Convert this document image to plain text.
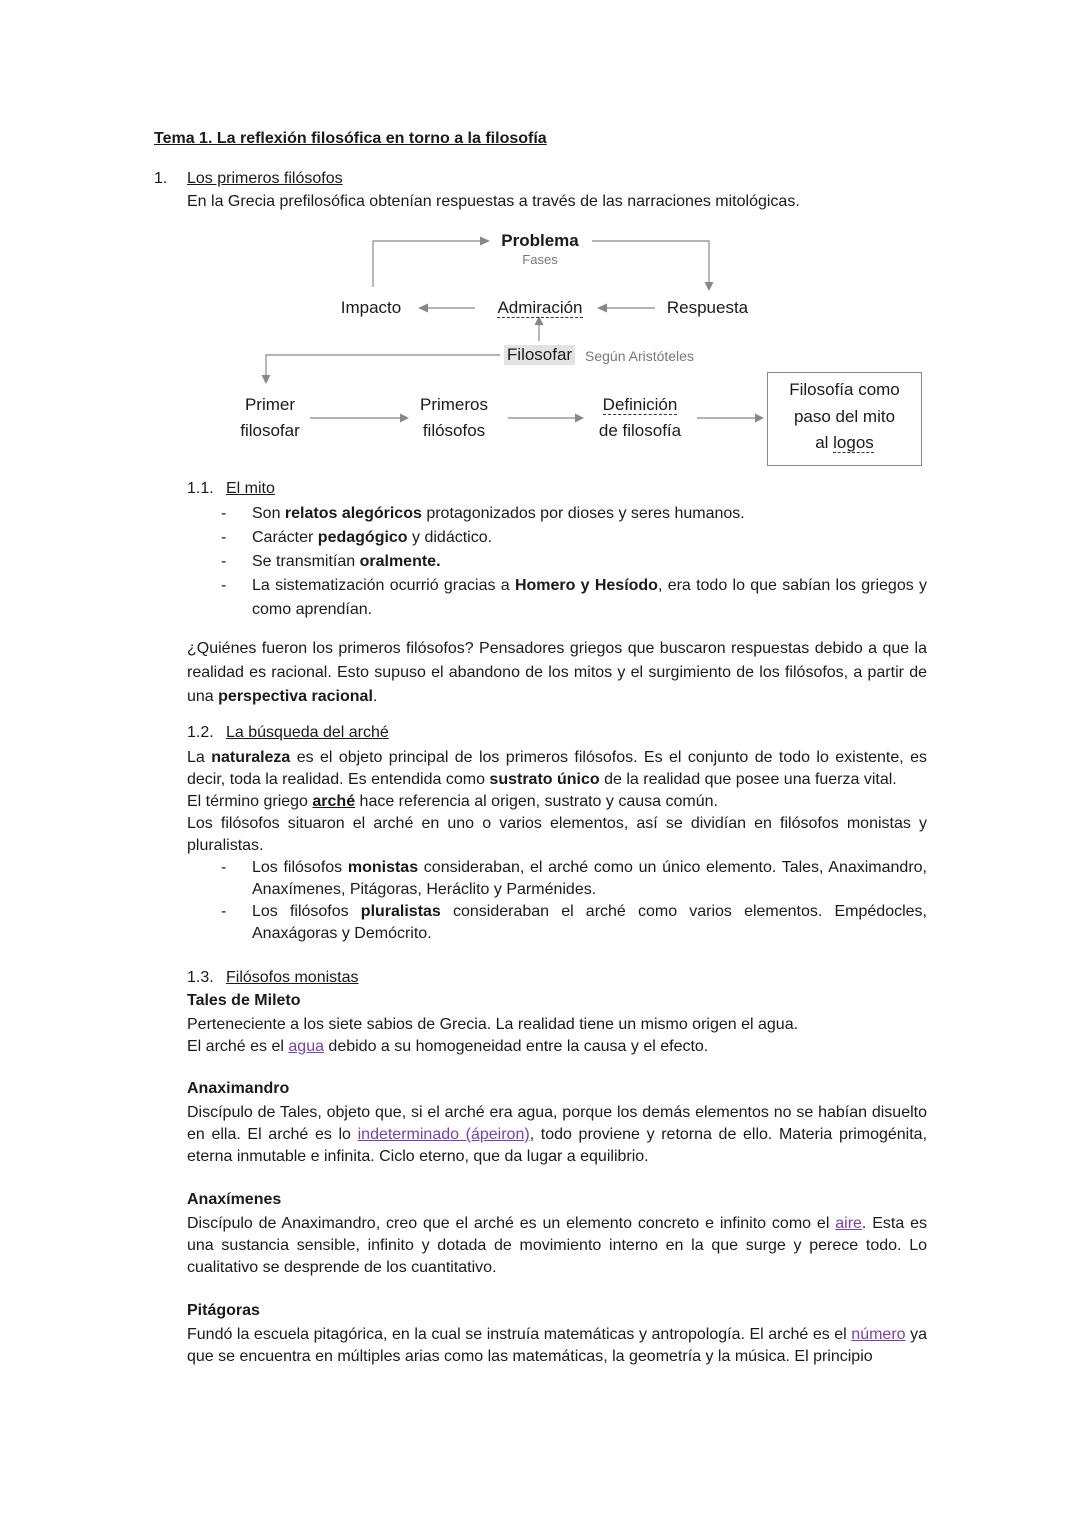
Tema 1. La reflexión filosófica en torno a la filosofía
1. Los primeros filósofos
En la Grecia prefilosófica obtenían respuestas a través de las narraciones mitológicas.
Problema
Fases
Impacto	Admiración	Respuesta
Filosofar Según Aristóteles
Primer
filosofar
Primeros
filósofos
Definición
de filosofía
Filosofía como
paso del mito
al logos
1.1. El mito
- Son relatos alegóricos protagonizados por dioses y seres humanos.
- Carácter pedagógico y didáctico.
- Se transmitían oralmente.
- La sistematización ocurrió gracias a Homero y Hesíodo, era todo lo que sabían los griegos y como aprendían.
¿Quiénes fueron los primeros filósofos? Pensadores griegos que buscaron respuestas debido a que la realidad es racional. Esto supuso el abandono de los mitos y el surgimiento de los filósofos, a partir de una perspectiva racional.
1.2. La búsqueda del arché
La naturaleza es el objeto principal de los primeros filósofos. Es el conjunto de todo lo existente, es decir, toda la realidad. Es entendida como sustrato único de la realidad que posee una fuerza vital.
El término griego arché hace referencia al origen, sustrato y causa común.
Los filósofos situaron el arché en uno o varios elementos, así se dividían en filósofos monistas y pluralistas.
- Los filósofos monistas consideraban, el arché como un único elemento. Tales, Anaximandro, Anaxímenes, Pitágoras, Heráclito y Parménides.
- Los filósofos pluralistas consideraban el arché como varios elementos. Empédocles, Anaxágoras y Demócrito.
1.3. Filósofos monistas
Tales de Mileto
Perteneciente a los siete sabios de Grecia. La realidad tiene un mismo origen el agua.
El arché es el agua debido a su homogeneidad entre la causa y el efecto.
Anaximandro
Discípulo de Tales, objeto que, si el arché era agua, porque los demás elementos no se habían disuelto en ella. El arché es lo indeterminado (ápeiron), todo proviene y retorna de ello. Materia primogénita, eterna inmutable e infinita. Ciclo eterno, que da lugar a equilibrio.
Anaxímenes
Discípulo de Anaximandro, creo que el arché es un elemento concreto e infinito como el aire. Esta es una sustancia sensible, infinito y dotada de movimiento interno en la que surge y perece todo. Lo cualitativo se desprende de los cuantitativo.
Pitágoras
Fundó la escuela pitagórica, en la cual se instruía matemáticas y antropología. El arché es el número ya que se encuentra en múltiples arias como las matemáticas, la geometría y la música. El principio
